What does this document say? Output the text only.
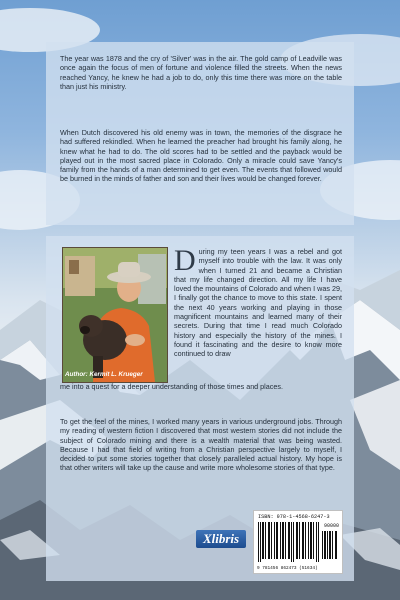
The year was 1878 and the cry of 'Silver' was in the air. The gold camp of Leadville was once again the focus of men of fortune and violence filled the streets. When the news reached Yancy, he knew he had a job to do, only this time there was more on the table than just his ministry.

When Dutch discovered his old enemy was in town, the memories of the disgrace he had suffered rekindled. When he learned the preacher had brought his family along, he knew what he had to do. The old scores had to be settled and the payback would be played out in the most sacred place in Colorado. Only a miracle could save Yancy's family from the hands of a man determined to get even. The events that followed would be burned in the minds of father and son and their lives would be changed forever.

Author: Kermit L. Krueger

During my teen years I was a rebel and got myself into trouble with the law. It was only when I turned 21 and became a Christian that my life changed direction. All my life I have loved the mountains of Colorado and when I was 29, I finally got the chance to move to this state. I spent the next 40 years working and playing in those magnificent mountains and learned many of their secrets. During that time I read much Colorado history and especially the history of the mines. I found it fascinating and the desire to know more continued to draw

me into a quest for a deeper understanding of those times and places.

To get the feel of the mines, I worked many years in various underground jobs. Through my reading of western fiction I discovered that most western stories did not include the subject of Colorado mining and there is a wealth material that was being wasted. Because I had that field of writing from a Christian perspective largely to myself, I decided to put some stories together that closely paralleled actual history. My hope is that other writers will take up the cause and write more wholesome stories of that type.

Xlibris
ISBN: 978-1-4568-6247-3
90000
9 781456 862473 (51634)
